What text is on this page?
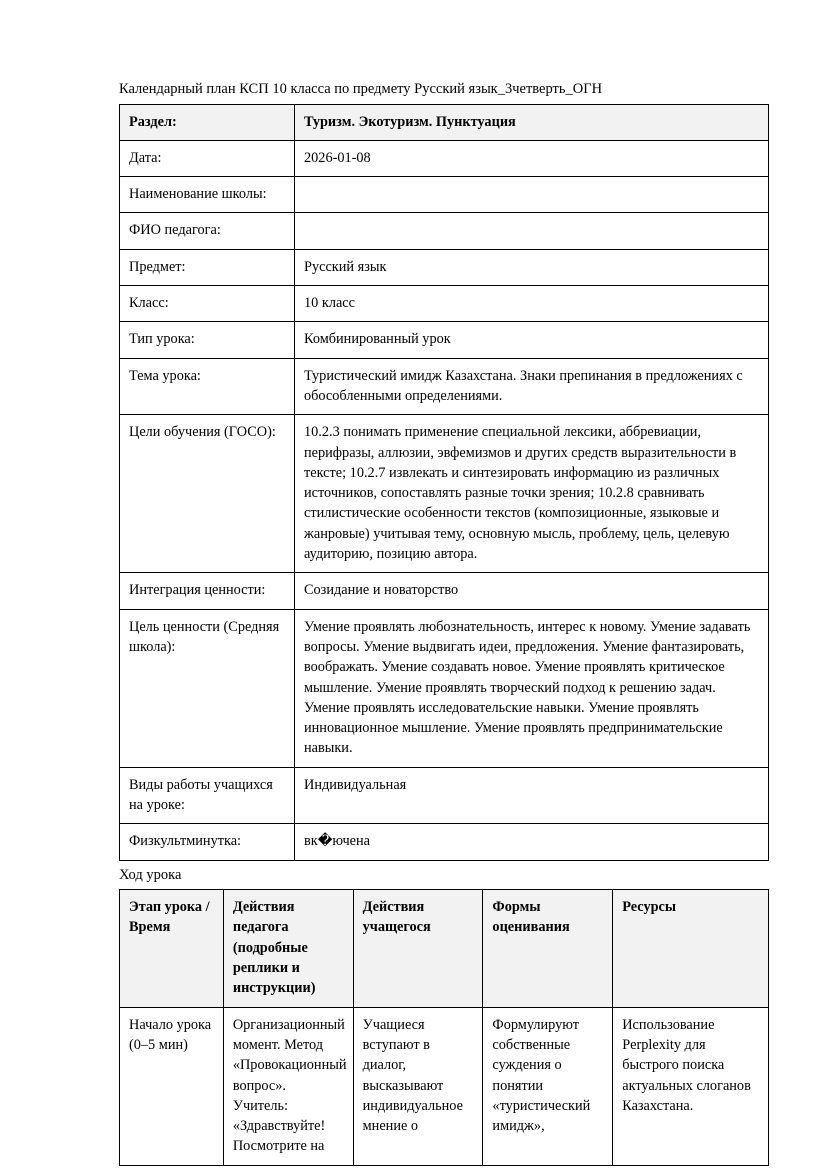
Календарный план КСП 10 класса по предмету Русский язык_3четверть_ОГН
Раздел:	Туризм. Экотуризм. Пунктуация
Дата:	2026-01-08
Наименование школы:	
ФИО педагога:	
Предмет:	Русский язык
Класс:	10 класс
Тип урока:	Комбинированный урок
Тема урока:	Туристический имидж Казахстана. Знаки препинания в предложениях с обособленными определениями.
Цели обучения (ГОСО):	10.2.3 понимать применение специальной лексики, аббревиации, перифразы, аллюзии, эвфемизмов и других средств выразительности в тексте; 10.2.7 извлекать и синтезировать информацию из различных источников, сопоставлять разные точки зрения; 10.2.8 сравнивать стилистические особенности текстов (композиционные, языковые и жанровые) учитывая тему, основную мысль, проблему, цель, целевую аудиторию, позицию автора.
Интеграция ценности:	Созидание и новаторство
Цель ценности (Средняя школа):	Умение проявлять любознательность, интерес к новому. Умение задавать вопросы. Умение выдвигать идеи, предложения. Умение фантазировать, воображать. Умение создавать новое. Умение проявлять критическое мышление. Умение проявлять творческий подход к решению задач. Умение проявлять исследовательские навыки. Умение проявлять инновационное мышление. Умение проявлять предпринимательские навыки.
Виды работы учащихся на уроке:	Индивидуальная
Физкультминутка:	вк�ючена
Ход урока
Этап урока / Время	Действия педагога (подробные реплики и инструкции)	Действия учащегося	Формы оценивания	Ресурсы
Начало урока (0–5 мин)	Организационный момент. Метод «Провокационный вопрос». Учитель: «Здравствуйте! Посмотрите на	Учащиеся вступают в диалог, высказывают индивидуальное мнение о	Формулируют собственные суждения о понятии «туристический имидж»,	Использование Perplexity для быстрого поиска актуальных слоганов Казахстана.
